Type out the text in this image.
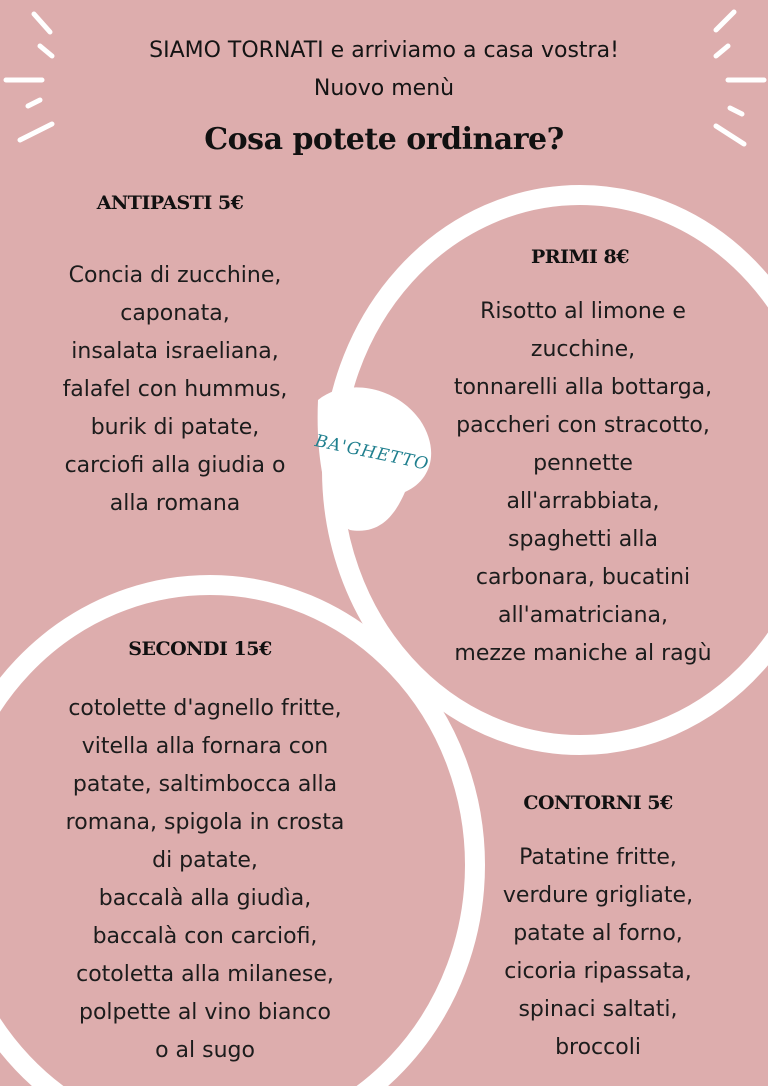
SIAMO TORNATI e arriviamo a casa vostra!
Nuovo menù
Cosa potete ordinare?
BA'GHETTO
ANTIPASTI 5€
Concia di zucchine,
caponata,
insalata israeliana,
falafel con hummus,
burik di patate,
carciofi alla giudia o
alla romana
PRIMI 8€
Risotto al limone e
zucchine,
tonnarelli alla bottarga,
paccheri con stracotto,
pennette
all'arrabbiata,
spaghetti alla
carbonara, bucatini
all'amatriciana,
mezze maniche al ragù
SECONDI 15€
cotolette d'agnello fritte,
vitella alla fornara con
patate, saltimbocca alla
romana, spigola in crosta
di patate,
baccalà alla giudìa,
baccalà con carciofi,
cotoletta alla milanese,
polpette al vino bianco
o al sugo
CONTORNI 5€
Patatine fritte,
verdure grigliate,
patate al forno,
cicoria ripassata,
spinaci saltati,
broccoli
